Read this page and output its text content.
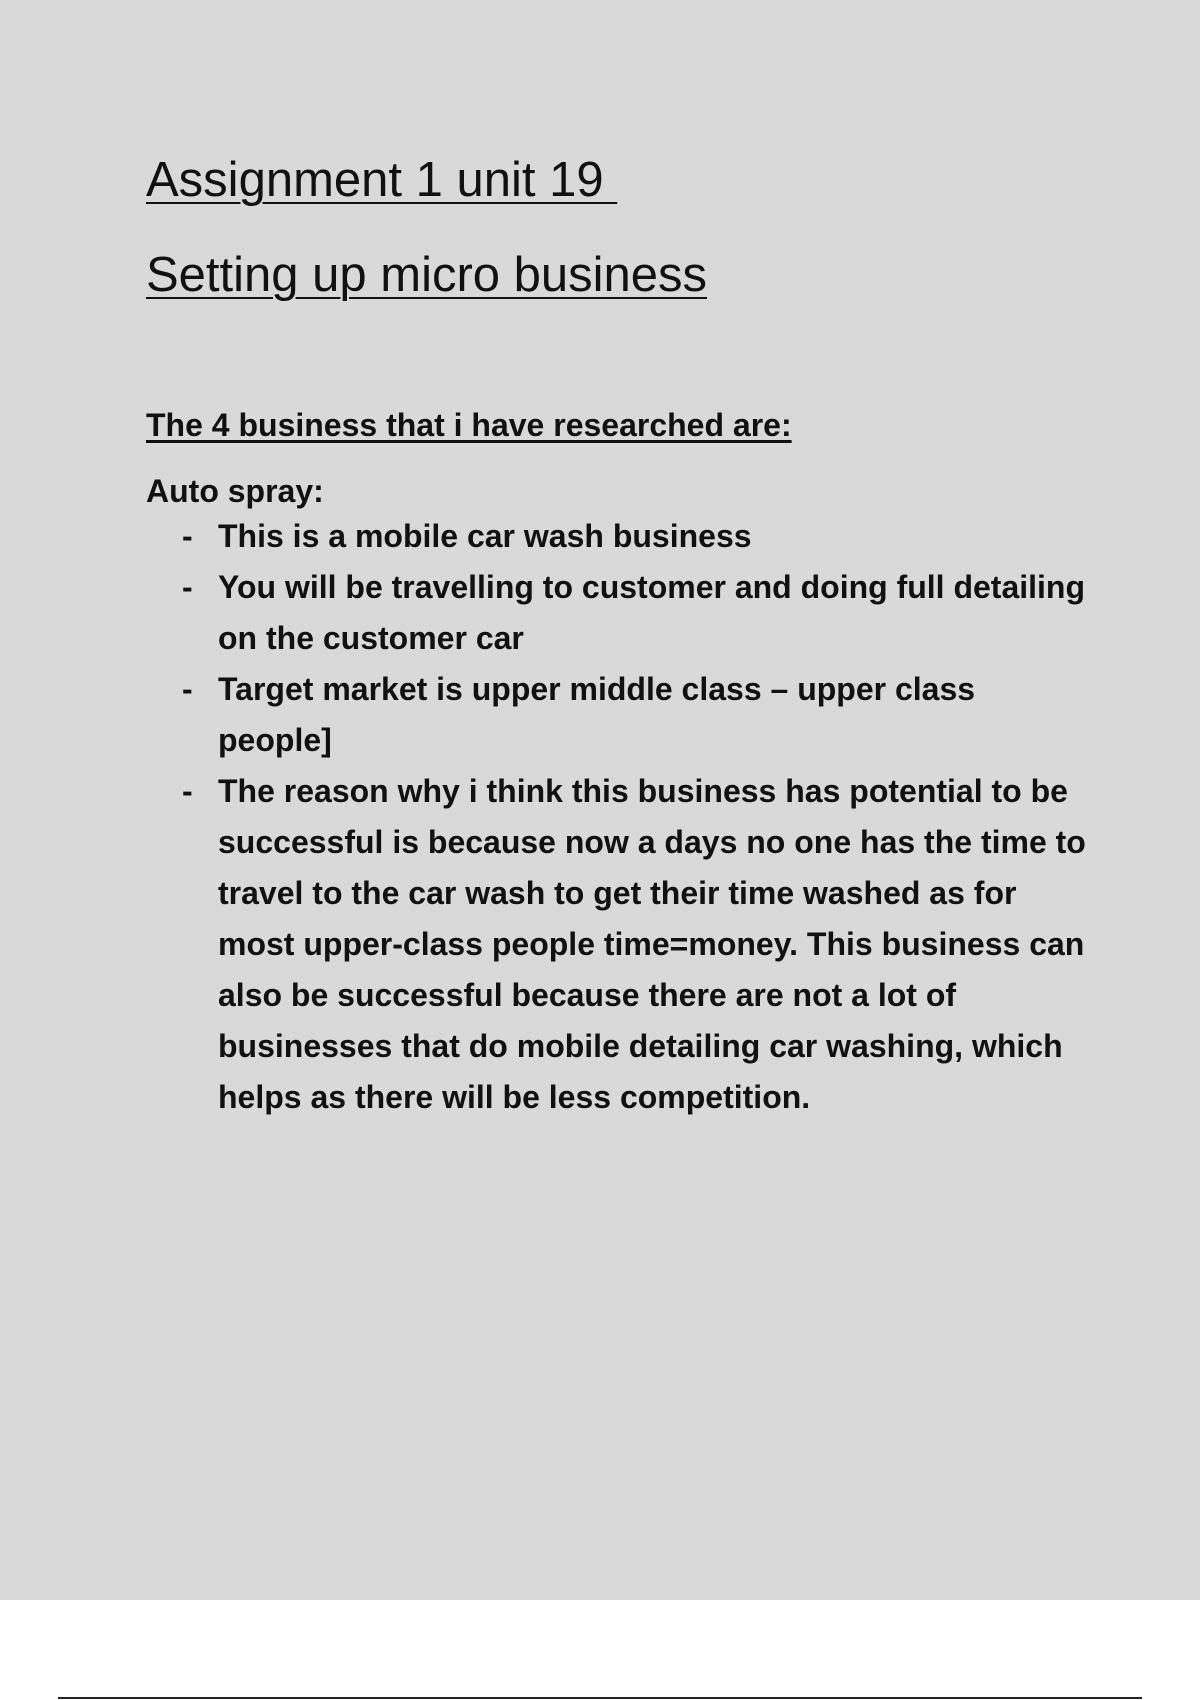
Assignment 1 unit 19
Setting up micro business
The 4 business that i have researched are:
Auto spray:
- This is a mobile car wash business
- You will be travelling to customer and doing full detailing on the customer car
- Target market is upper middle class – upper class people]
- The reason why i think this business has potential to be successful is because now a days no one has the time to travel to the car wash to get their time washed as for most upper-class people time=money. This business can also be successful because there are not a lot of businesses that do mobile detailing car washing, which helps as there will be less competition.
